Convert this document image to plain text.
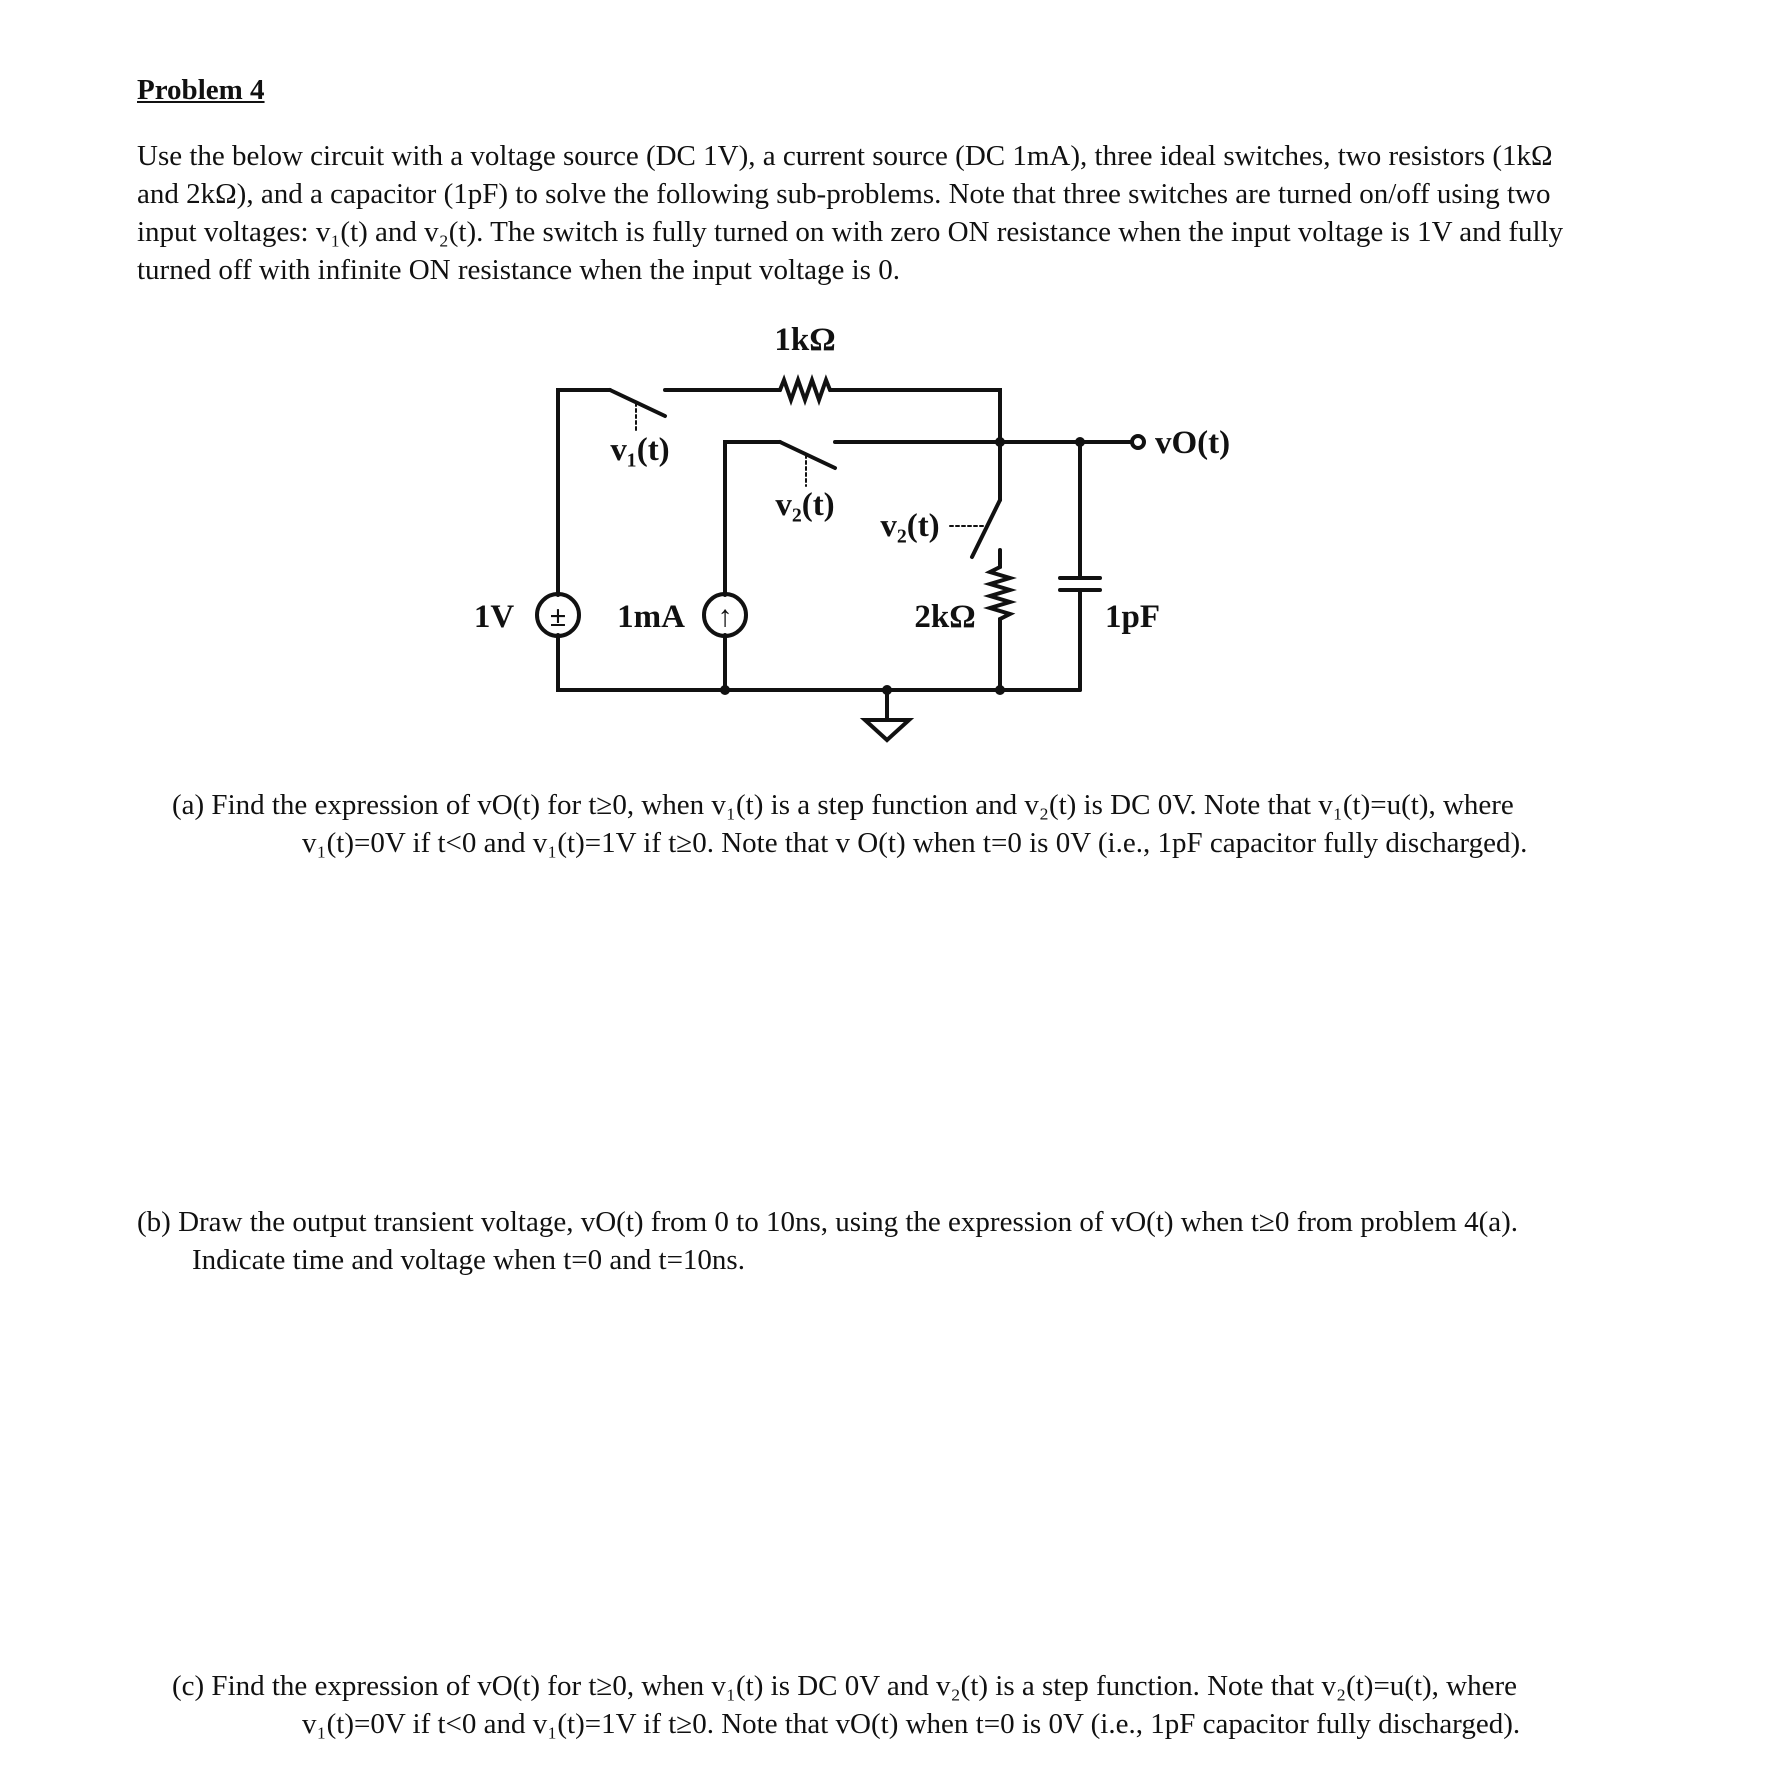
Problem 4

Use the below circuit with a voltage source (DC 1V), a current source (DC 1mA), three ideal switches, two resistors (1kΩ and 2kΩ), and a capacitor (1pF) to solve the following sub-problems. Note that three switches are turned on/off using two input voltages: v₁(t) and v₂(t). The switch is fully turned on with zero ON resistance when the input voltage is 1V and fully turned off with infinite ON resistance when the input voltage is 0.

±	↑
1kΩ
v₁(t)
v₂(t)
v₂(t)
vO(t)
1V	1mA	2kΩ	1pF

(a) Find the expression of vO(t) for t≥0, when v₁(t) is a step function and v₂(t) is DC 0V. Note that v₁(t)=u(t), where
v₁(t)=0V if t<0 and v₁(t)=1V if t≥0. Note that v O(t) when t=0 is 0V (i.e., 1pF capacitor fully discharged).

(b) Draw the output transient voltage, vO(t) from 0 to 10ns, using the expression of vO(t) when t≥0 from problem 4(a).
Indicate time and voltage when t=0 and t=10ns.

(c) Find the expression of vO(t) for t≥0, when v₁(t) is DC 0V and v₂(t) is a step function. Note that v₂(t)=u(t), where
v₁(t)=0V if t<0 and v₁(t)=1V if t≥0. Note that vO(t) when t=0 is 0V (i.e., 1pF capacitor fully discharged).
